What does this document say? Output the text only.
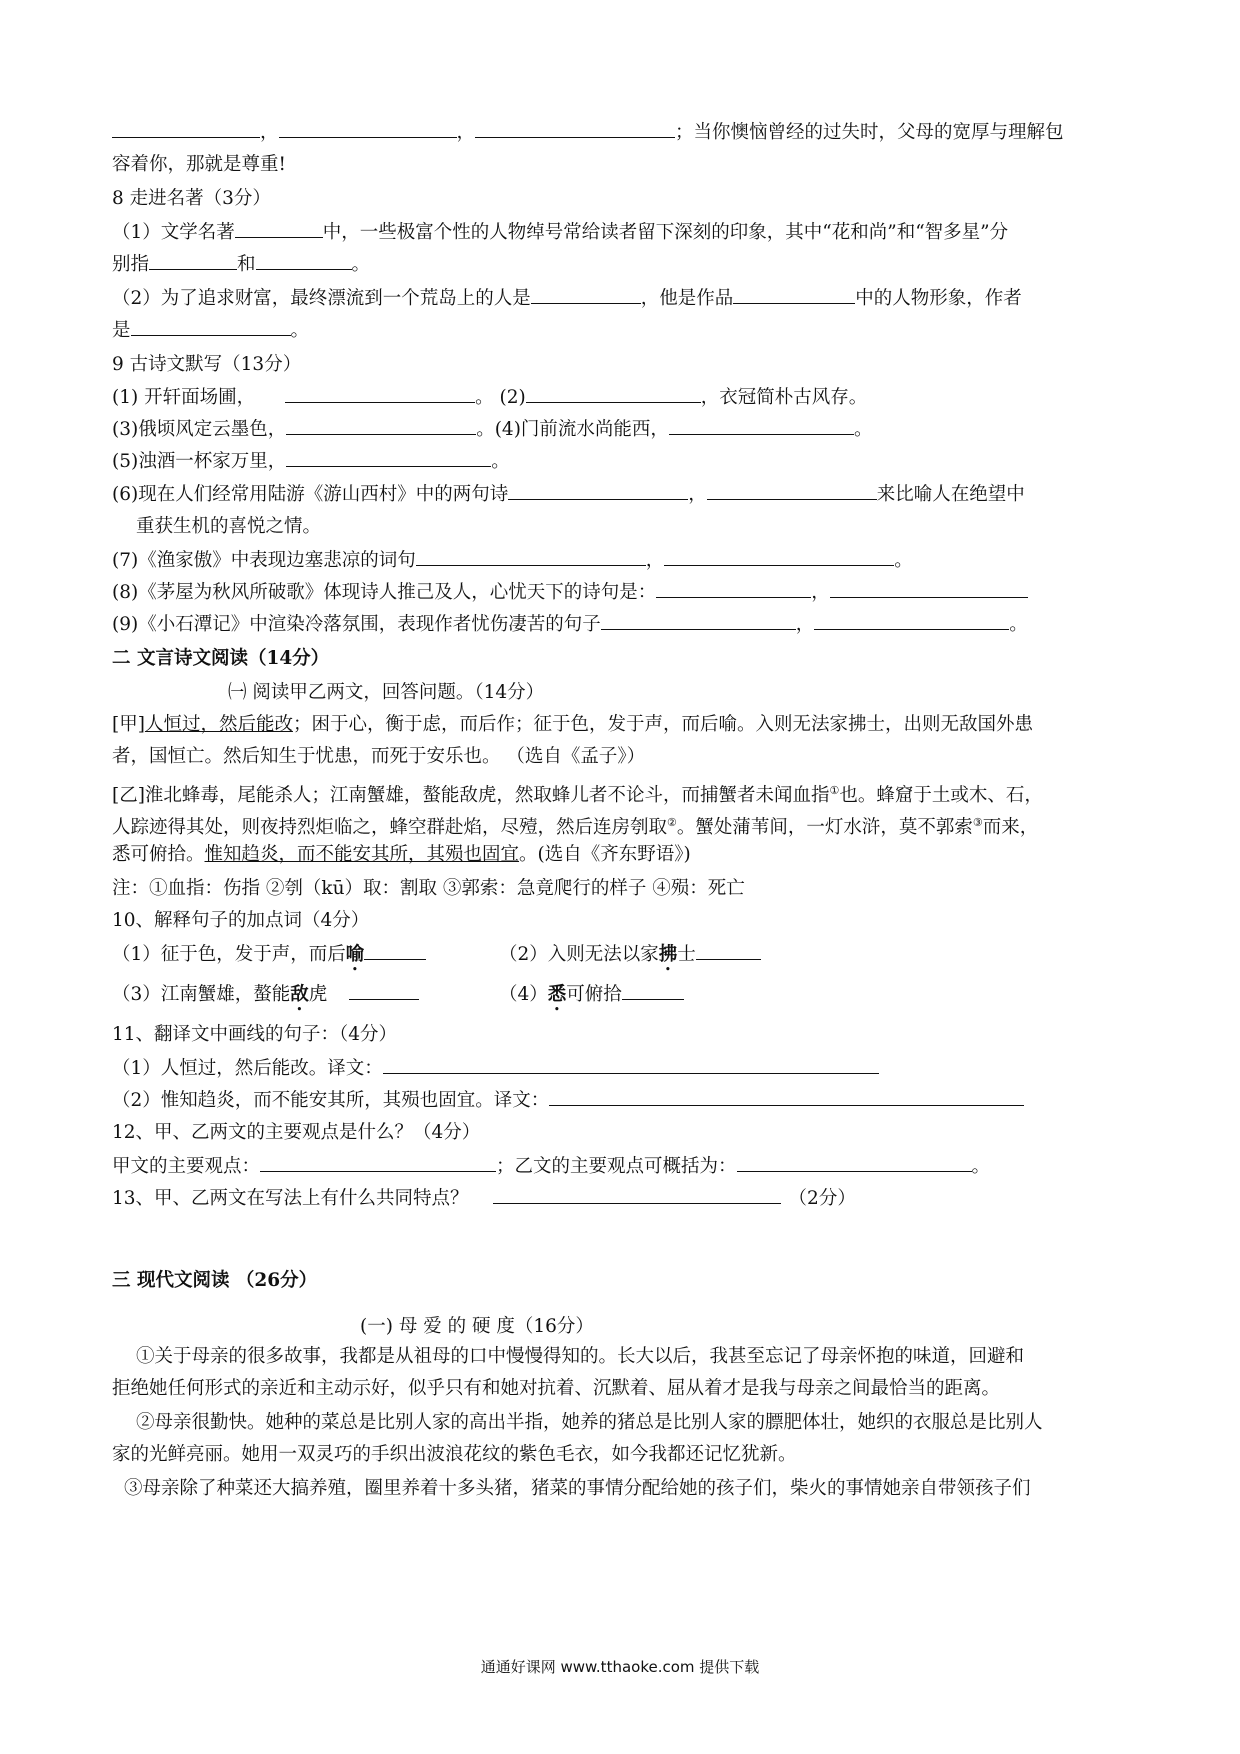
，	，	；当你懊恼曾经的过失时，父母的宽厚与理解包
容着你，那就是尊重!
8 走进名著（3分）
（1）文学名著	中，一些极富个性的人物绰号常给读者留下深刻的印象，其中“花和尚”和“智多星”分
别指	和	。
（2）为了追求财富，最终漂流到一个荒岛上的人是	，他是作品	中的人物形象，作者
是	。
9 古诗文默写（13分）
(1) 开轩面场圃，	。 (2)	，衣冠简朴古风存。
(3)俄顷风定云墨色，	。(4)门前流水尚能西，	。
(5)浊酒一杯家万里，	。
(6)现在人们经常用陆游《游山西村》中的两句诗	，	来比喻人在绝望中
重获生机的喜悦之情。
(7)《渔家傲》中表现边塞悲凉的词句	，	。
(8)《茅屋为秋风所破歌》体现诗人推己及人，心忧天下的诗句是：	，
(9)《小石潭记》中渲染冷落氛围，表现作者忧伤凄苦的句子	，	。
二 文言诗文阅读（14分）
㈠ 阅读甲乙两文，回答问题。（14分）
[甲]人恒过，然后能改；困于心，衡于虑，而后作；征于色，发于声，而后喻。入则无法家拂士，出则无敌国外患
者，国恒亡。然后知生于忧患，而死于安乐也。 （选自《孟子》）
[乙]淮北蜂毒，尾能杀人；江南蟹雄，螯能敌虎，然取蜂儿者不论斗，而捕蟹者未闻血指①也。蜂窟于土或木、石，
人踪迹得其处，则夜持烈炬临之，蜂空群赴焰，尽殪，然后连房刳取②。蟹处蒲苇间，一灯水浒，莫不郭索③而来，
悉可俯拾。惟知趋炎，而不能安其所，其殒也固宜。(选自《齐东野语》)
注：①血指：伤指 ②刳（kū）取：割取 ③郭索：急竟爬行的样子 ④殒：死亡
10、解释句子的加点词（4分）
（1）征于色，发于声，而后喻	（2）入则无法以家拂士
（3）江南蟹雄，螯能敌虎	（4）悉可俯拾
11、翻译文中画线的句子：（4分）
（1）人恒过，然后能改。译文：
（2）惟知趋炎，而不能安其所，其殒也固宜。译文：
12、甲、乙两文的主要观点是什么？（4分）
甲文的主要观点：	；乙文的主要观点可概括为：	。
13、甲、乙两文在写法上有什么共同特点？	（2分）
三 现代文阅读 （26分）
(一) 母 爱 的 硬 度（16分）
①关于母亲的很多故事，我都是从祖母的口中慢慢得知的。长大以后，我甚至忘记了母亲怀抱的味道，回避和
拒绝她任何形式的亲近和主动示好，似乎只有和她对抗着、沉默着、屈从着才是我与母亲之间最恰当的距离。
②母亲很勤快。她种的菜总是比别人家的高出半指，她养的猪总是比别人家的膘肥体壮，她织的衣服总是比别人
家的光鲜亮丽。她用一双灵巧的手织出波浪花纹的紫色毛衣，如今我都还记忆犹新。
③母亲除了种菜还大搞养殖，圈里养着十多头猪，猪菜的事情分配给她的孩子们，柴火的事情她亲自带领孩子们
通通好课网 www.tthaoke.com 提供下载
